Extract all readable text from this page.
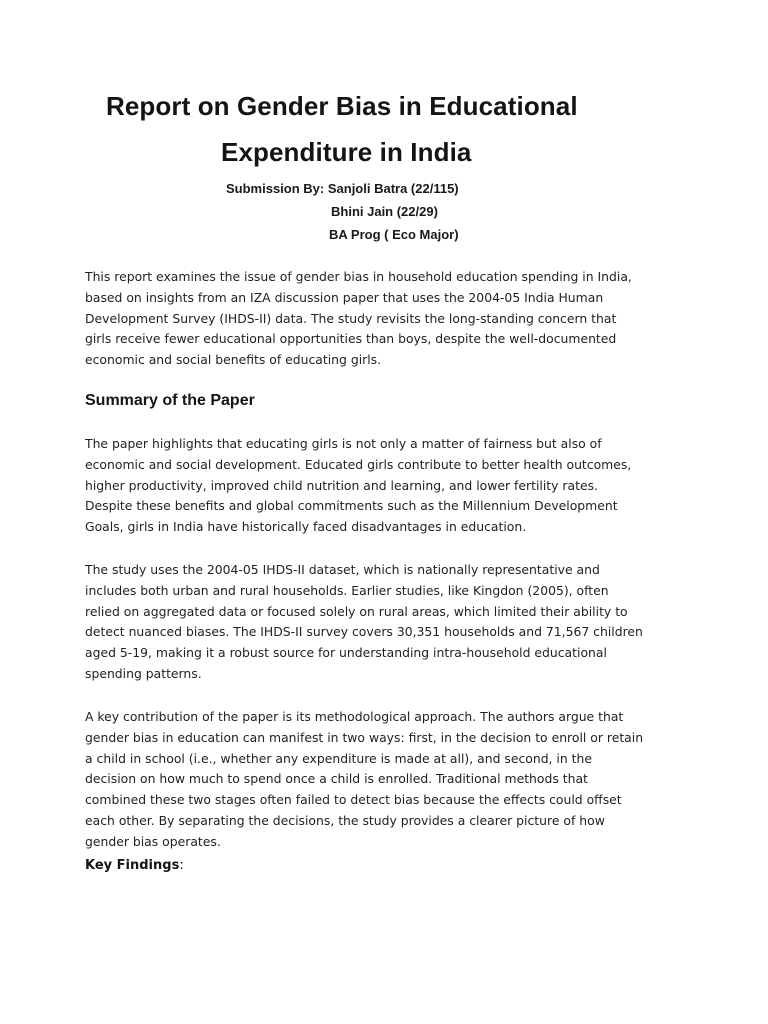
Report on Gender Bias in Educational
Expenditure in India
Submission By: Sanjoli Batra (22/115)
Bhini Jain (22/29)
BA Prog ( Eco Major)

This report examines the issue of gender bias in household education spending in India, based on insights from an IZA discussion paper that uses the 2004-05 India Human Development Survey (IHDS-II) data. The study revisits the long-standing concern that girls receive fewer educational opportunities than boys, despite the well-documented economic and social benefits of educating girls.

Summary of the Paper

The paper highlights that educating girls is not only a matter of fairness but also of economic and social development. Educated girls contribute to better health outcomes, higher productivity, improved child nutrition and learning, and lower fertility rates. Despite these benefits and global commitments such as the Millennium Development Goals, girls in India have historically faced disadvantages in education.

The study uses the 2004-05 IHDS-II dataset, which is nationally representative and includes both urban and rural households. Earlier studies, like Kingdon (2005), often relied on aggregated data or focused solely on rural areas, which limited their ability to detect nuanced biases. The IHDS-II survey covers 30,351 households and 71,567 children aged 5-19, making it a robust source for understanding intra-household educational spending patterns.

A key contribution of the paper is its methodological approach. The authors argue that gender bias in education can manifest in two ways: first, in the decision to enroll or retain a child in school (i.e., whether any expenditure is made at all), and second, in the decision on how much to spend once a child is enrolled. Traditional methods that combined these two stages often failed to detect bias because the effects could offset each other. By separating the decisions, the study provides a clearer picture of how gender bias operates.

Key Findings:
